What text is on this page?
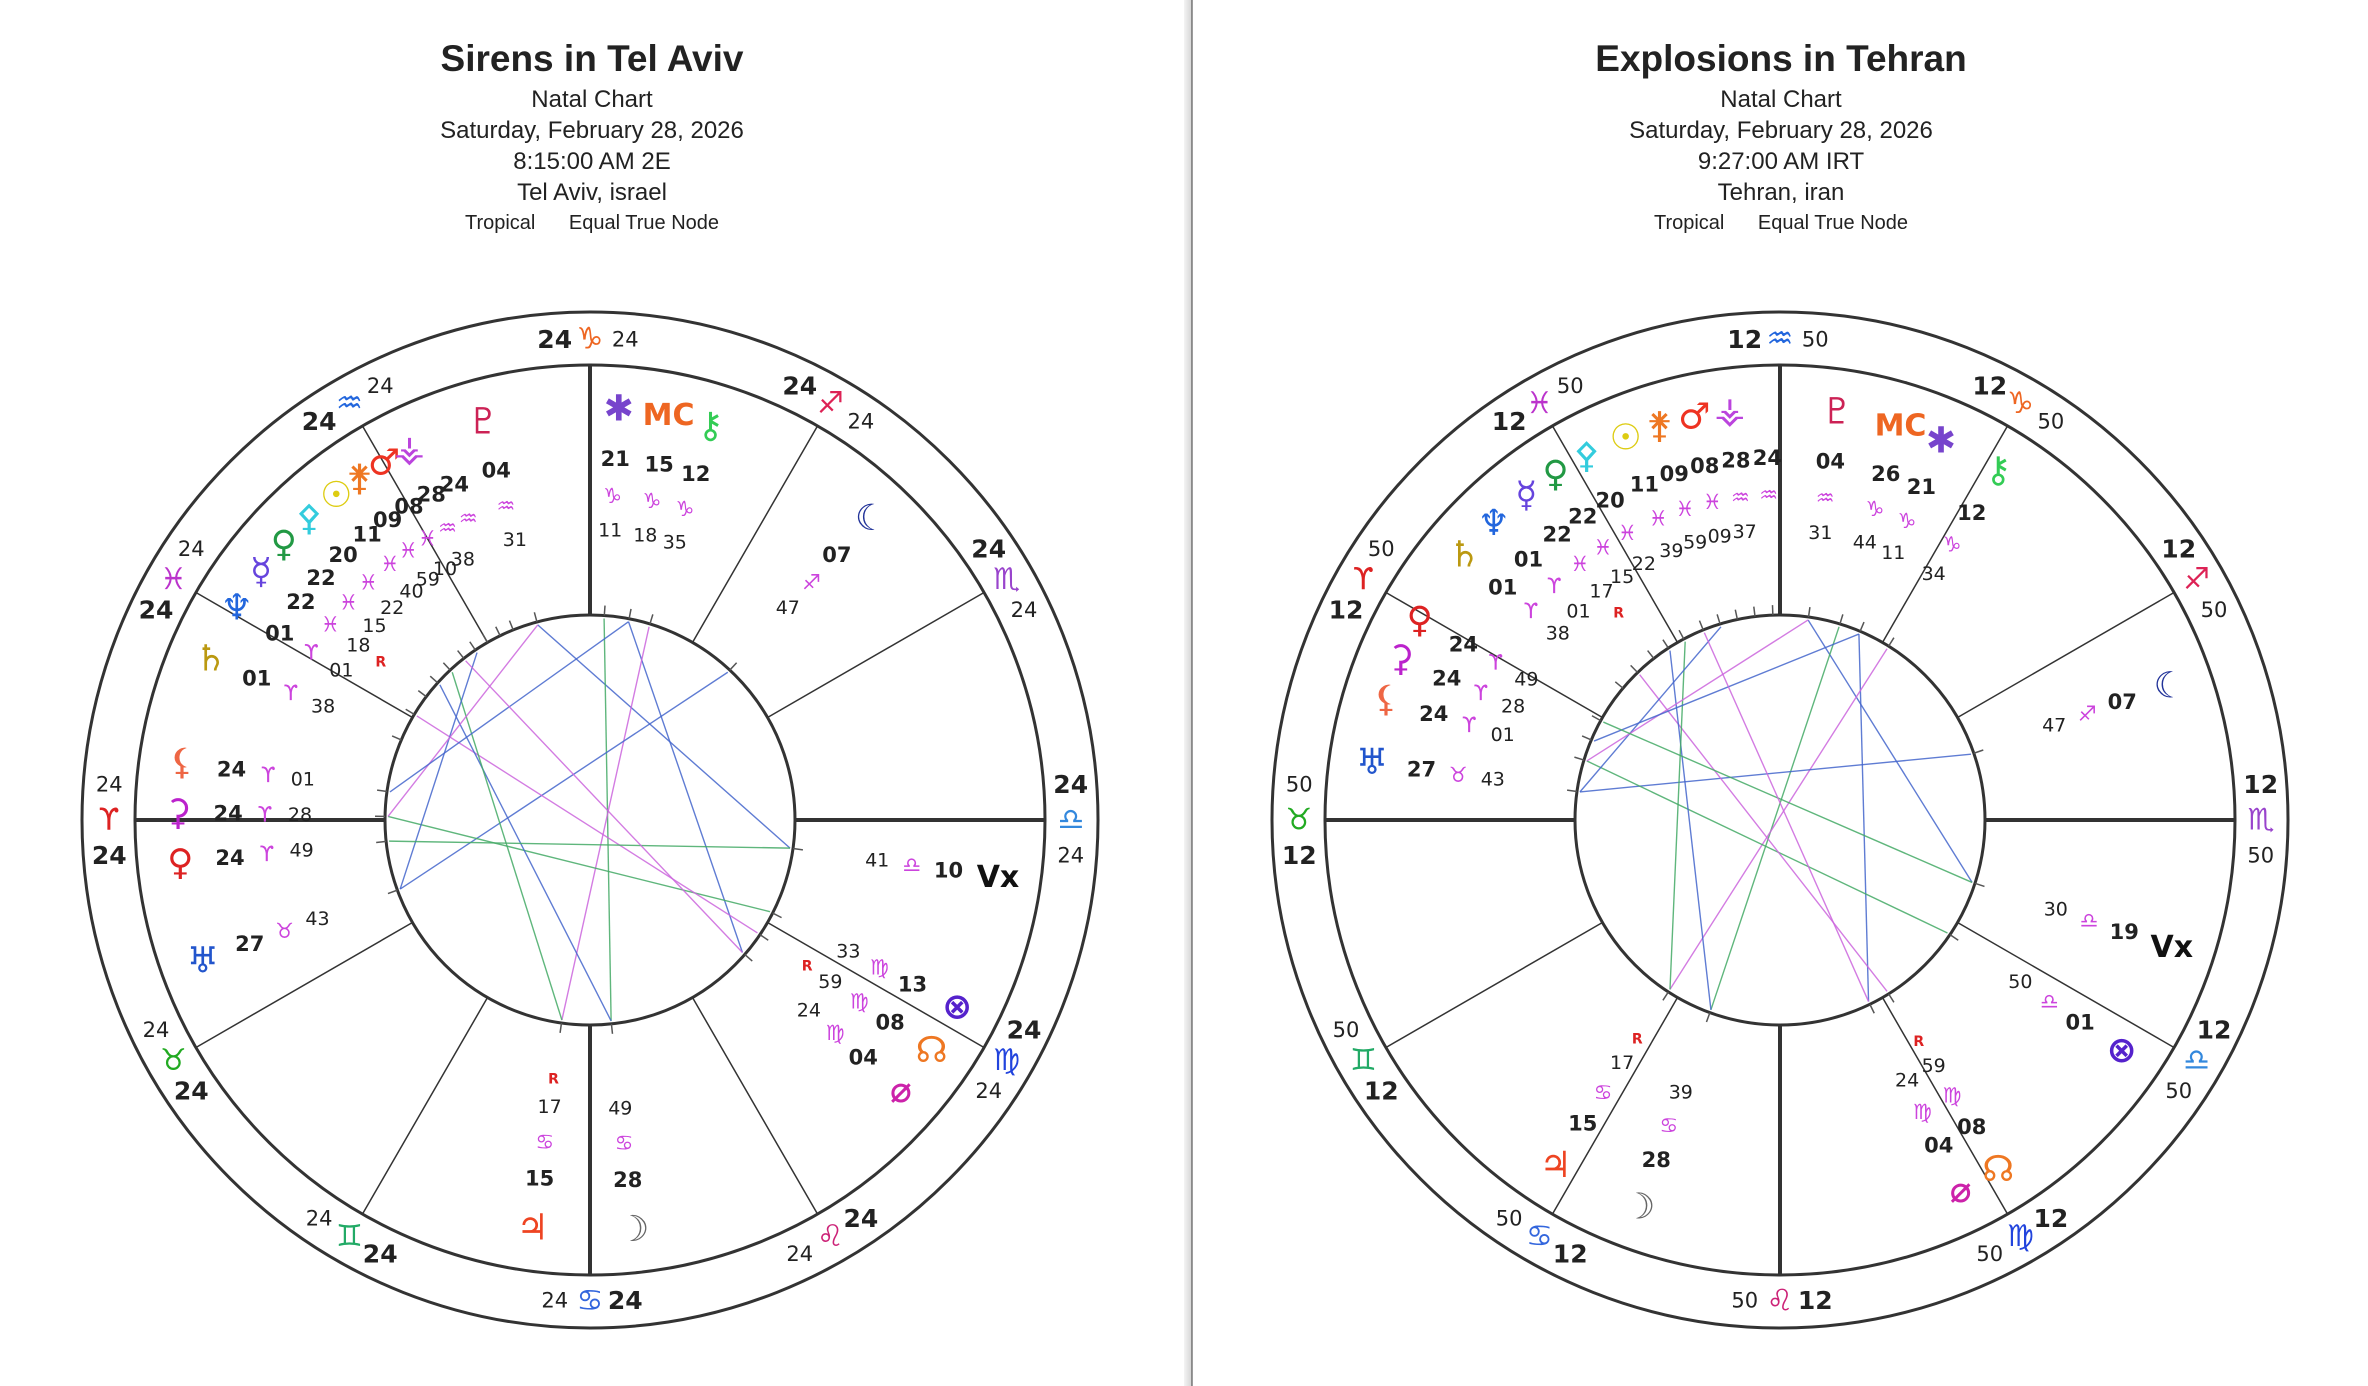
Sirens in Tel Aviv
Natal Chart
Saturday, February 28, 2026
8:15:00 AM 2E
Tel Aviv, israel
Tropical Equal True Node
ϒ
24
24
♉
24
24
♊ 24
24
♋ 24
24
♌
24
24
♍
24
24
♎
24
24
♏
24
24
♐
24
24
♑
24 24
♒
24
24
♓
24
24
♇
04
♒
31
✱
21
♑
11
MC
15
♑
18
⚷
12
♑
35
☾
07
♐
47
Vx
10
♎
41
⊗
13
♍
33
☊
08
♍
59
R
⌀
04
♍
24
☽
28
♋
49
♃
15
♋
17
R
♅ 27
♉ 43
⚳ 24 ϒ 28
⚸ 24 ϒ 01
♀ 24 ϒ 49
♄ 01
ϒ
38
♆
01
ϒ
01
☿
22
♓
18
R
♀
22
♓
15
⚴
20
♓
22
☉
11
♓
40
⚵
09
♓
59
♂
08
♓
10
⚶
28
♒
38
24
♒
Explosions in Tehran
Natal Chart
Saturday, February 28, 2026
9:27:00 AM IRT
Tehran, iran
Tropical Equal True Node
♉
12
50
♊
12
50
♋ 12
50
♌ 12
50
♍
12
50
♎
12
50
♏
12
50
♐
12
50
♑
12
50
♒
12 50
♓
12
50
ϒ
12
50
♇
04
♒
31
MC
26
♑
44
✱
21
♑
11
⚷
12
♑
34
☾
07
♐
47
Vx
19
♎
30
⊗
01
♎
50
☊
08
♍
59
R
⌀
04
♍
24
☽
28
♋
39
♃
15
♋
17
R
♅ 27 ♉ 43
⚸ 24 ϒ 01
⚳ 24
ϒ
28
♀
24
ϒ
49
♄
01
ϒ
38
♆
01
ϒ
01
☿
22
♓
17
R
♀
22
♓
15
⚴
20
♓
22
☉
11
♓
39
⚵
09
♓
59
♂
08
♓
09
⚶
28
♒
37
24
♒
